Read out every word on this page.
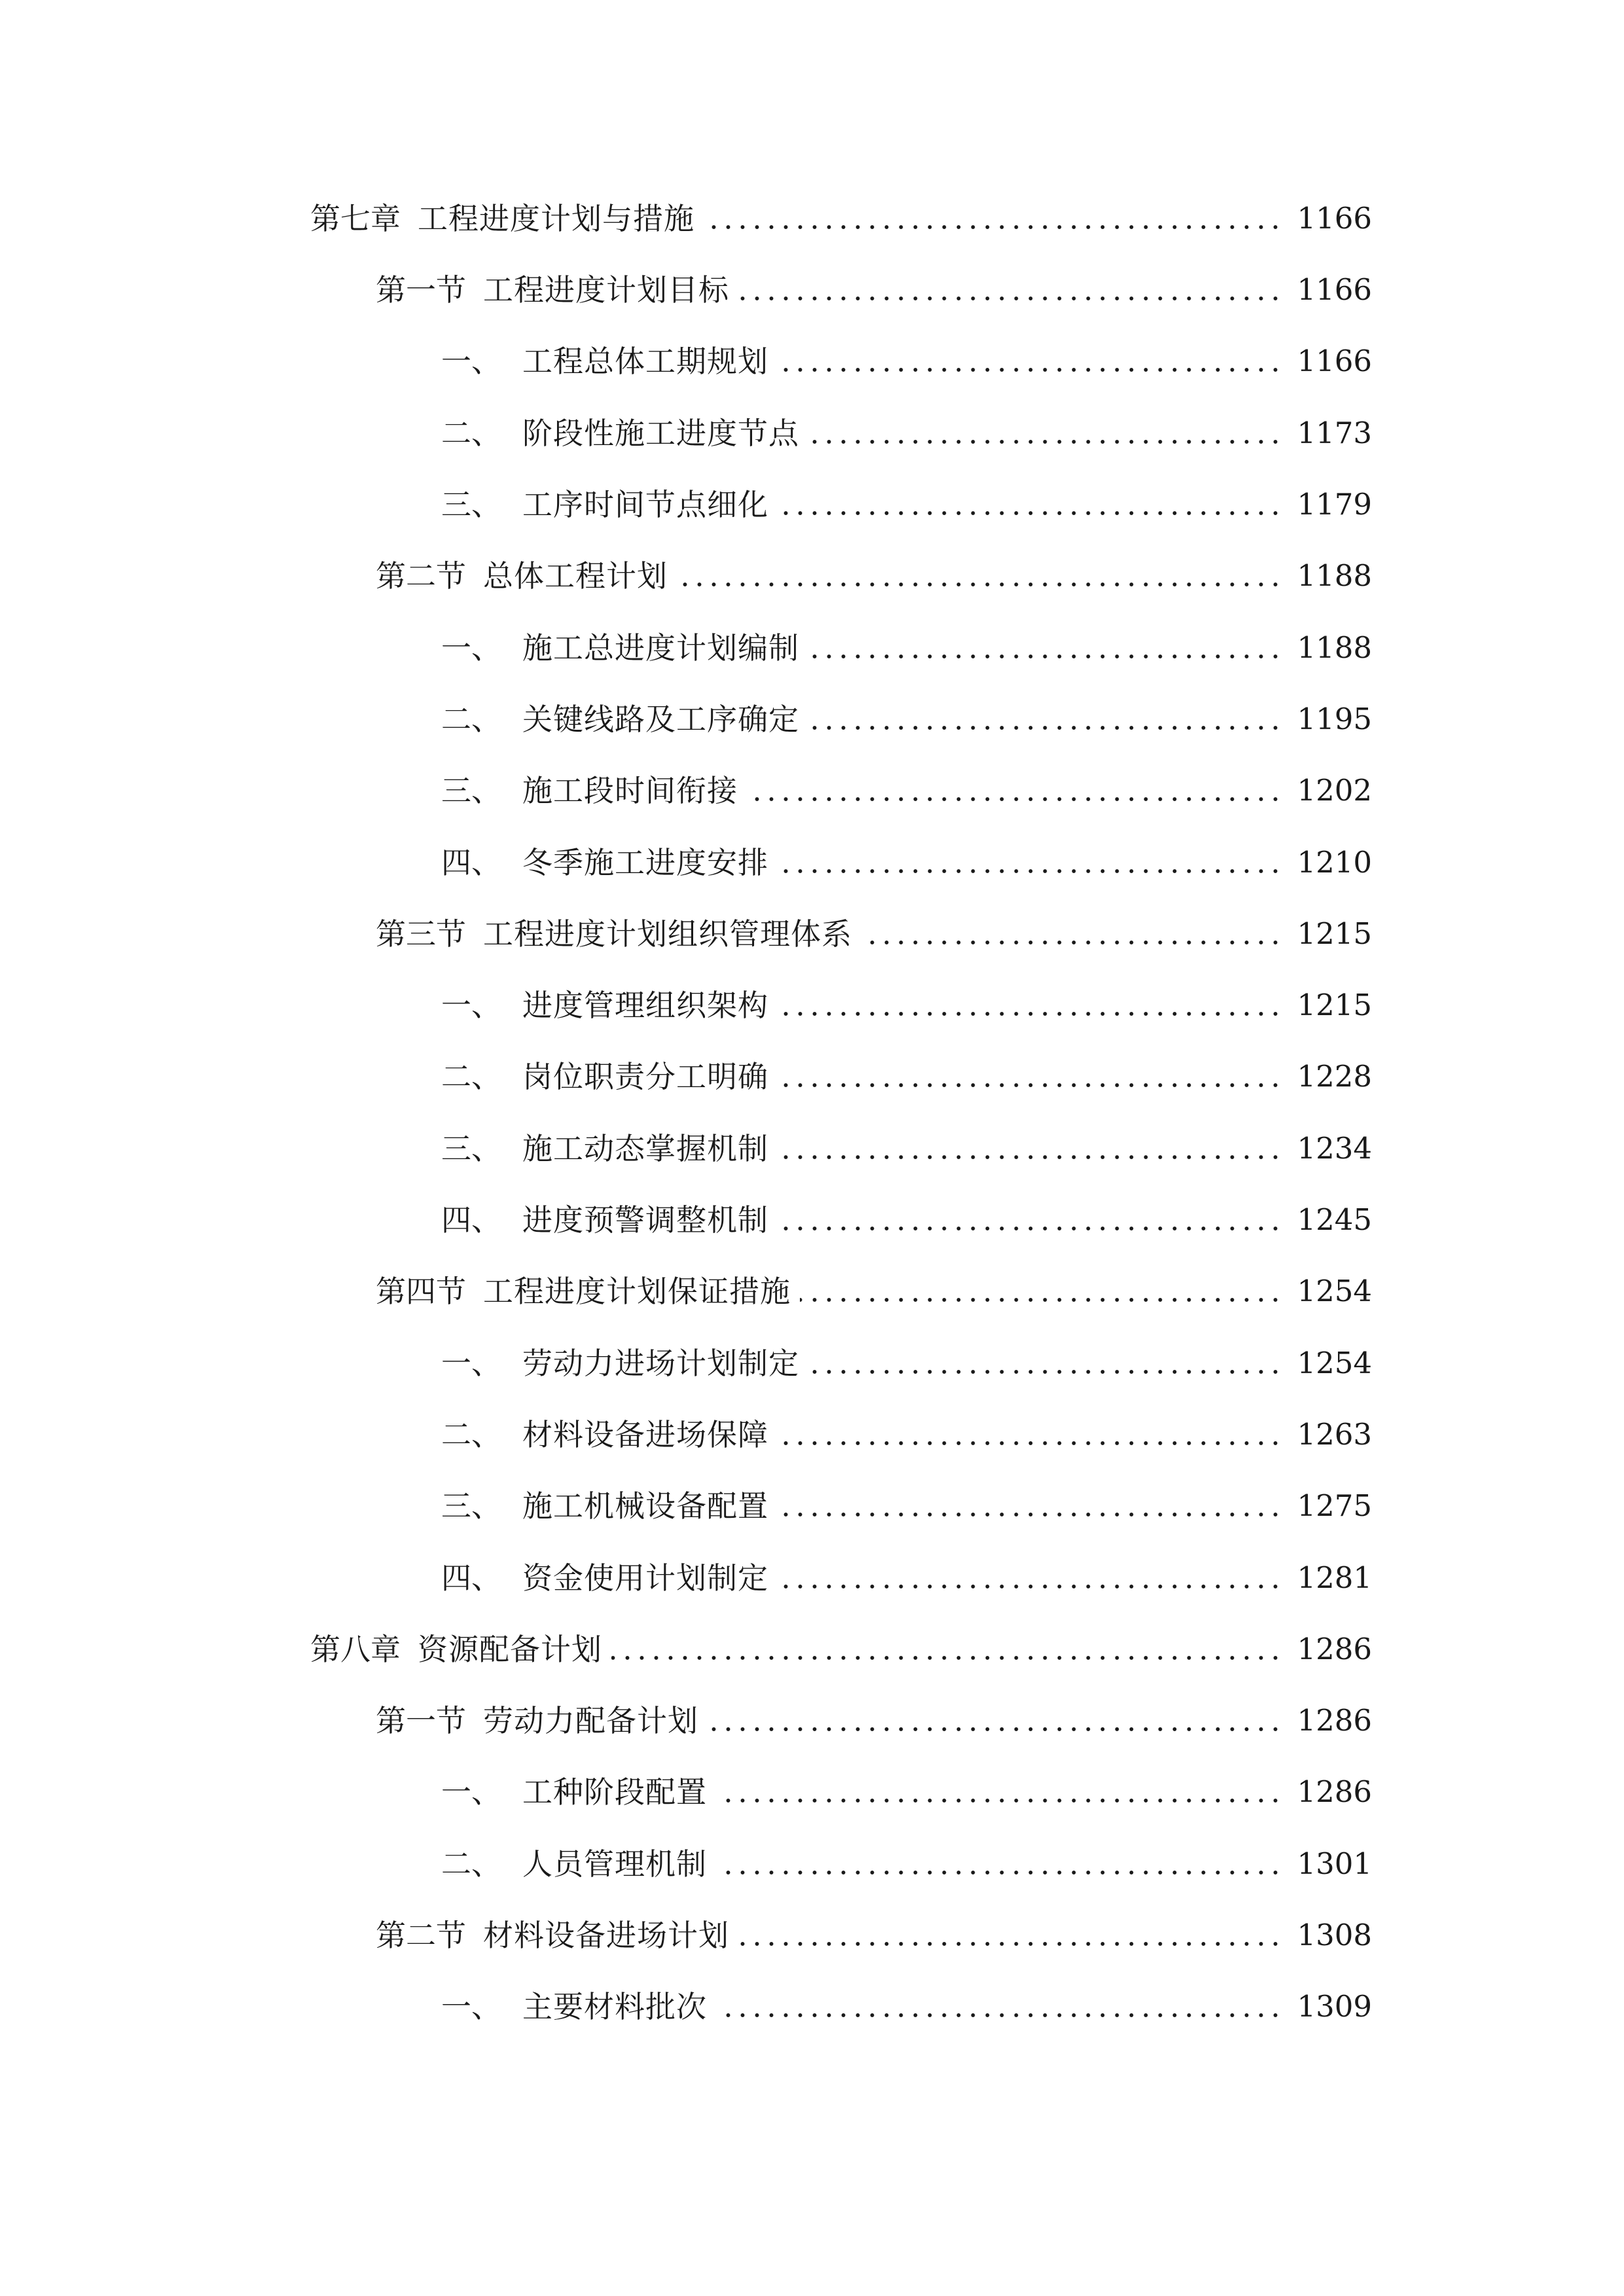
第七章 工程进度计划与措施	1166
第一节 工程进度计划目标	1166
一、 工程总体工期规划	1166
二、 阶段性施工进度节点	1173
三、 工序时间节点细化	1179
第二节 总体工程计划	1188
一、 施工总进度计划编制	1188
二、 关键线路及工序确定	1195
三、 施工段时间衔接	1202
四、 冬季施工进度安排	1210
第三节 工程进度计划组织管理体系	1215
一、 进度管理组织架构	1215
二、 岗位职责分工明确	1228
三、 施工动态掌握机制	1234
四、 进度预警调整机制	1245
第四节 工程进度计划保证措施	1254
一、 劳动力进场计划制定	1254
二、 材料设备进场保障	1263
三、 施工机械设备配置	1275
四、 资金使用计划制定	1281
第八章 资源配备计划	1286
第一节 劳动力配备计划	1286
一、 工种阶段配置	1286
二、 人员管理机制	1301
第二节 材料设备进场计划	1308
一、 主要材料批次	1309
